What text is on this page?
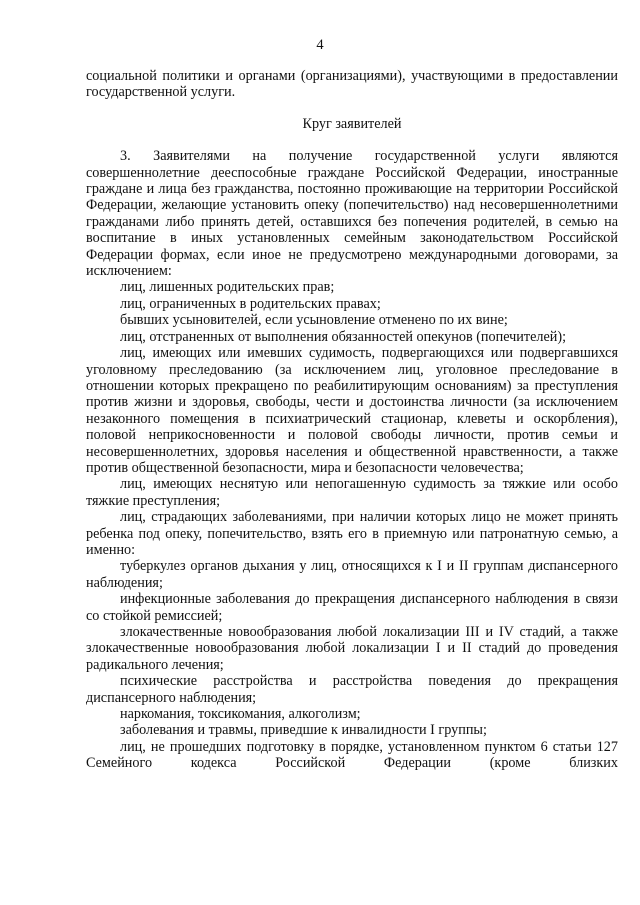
4

социальной политики и органами (организациями), участвующими в предоставлении государственной услуги.

Круг заявителей

3. Заявителями на получение государственной услуги являются совершеннолетние дееспособные граждане Российской Федерации, иностранные граждане и лица без гражданства, постоянно проживающие на территории Российской Федерации, желающие установить опеку (попечительство) над несовершеннолетними гражданами либо принять детей, оставшихся без попечения родителей, в семью на воспитание в иных установленных семейным законодательством Российской Федерации формах, если иное не предусмотрено международными договорами, за исключением:

лиц, лишенных родительских прав;

лиц, ограниченных в родительских правах;

бывших усыновителей, если усыновление отменено по их вине;

лиц, отстраненных от выполнения обязанностей опекунов (попечителей);

лиц, имеющих или имевших судимость, подвергающихся или подвергавшихся уголовному преследованию (за исключением лиц, уголовное преследование в отношении которых прекращено по реабилитирующим основаниям) за преступления против жизни и здоровья, свободы, чести и достоинства личности (за исключением незаконного помещения в психиатрический стационар, клеветы и оскорбления), половой неприкосновенности и половой свободы личности, против семьи и несовершеннолетних, здоровья населения и общественной нравственности, а также против общественной безопасности, мира и безопасности человечества;

лиц, имеющих неснятую или непогашенную судимость за тяжкие или особо тяжкие преступления;

лиц, страдающих заболеваниями, при наличии которых лицо не может принять ребенка под опеку, попечительство, взять его в приемную или патронатную семью, а именно:

туберкулез органов дыхания у лиц, относящихся к I и II группам диспансерного наблюдения;

инфекционные заболевания до прекращения диспансерного наблюдения в связи со стойкой ремиссией;

злокачественные новообразования любой локализации III и IV стадий, а также злокачественные новообразования любой локализации I и II стадий до проведения радикального лечения;

психические расстройства и расстройства поведения до прекращения диспансерного наблюдения;

наркомания, токсикомания, алкоголизм;

заболевания и травмы, приведшие к инвалидности I группы;

лиц, не прошедших подготовку в порядке, установленном пунктом 6 статьи 127 Семейного кодекса Российской Федерации (кроме близких
